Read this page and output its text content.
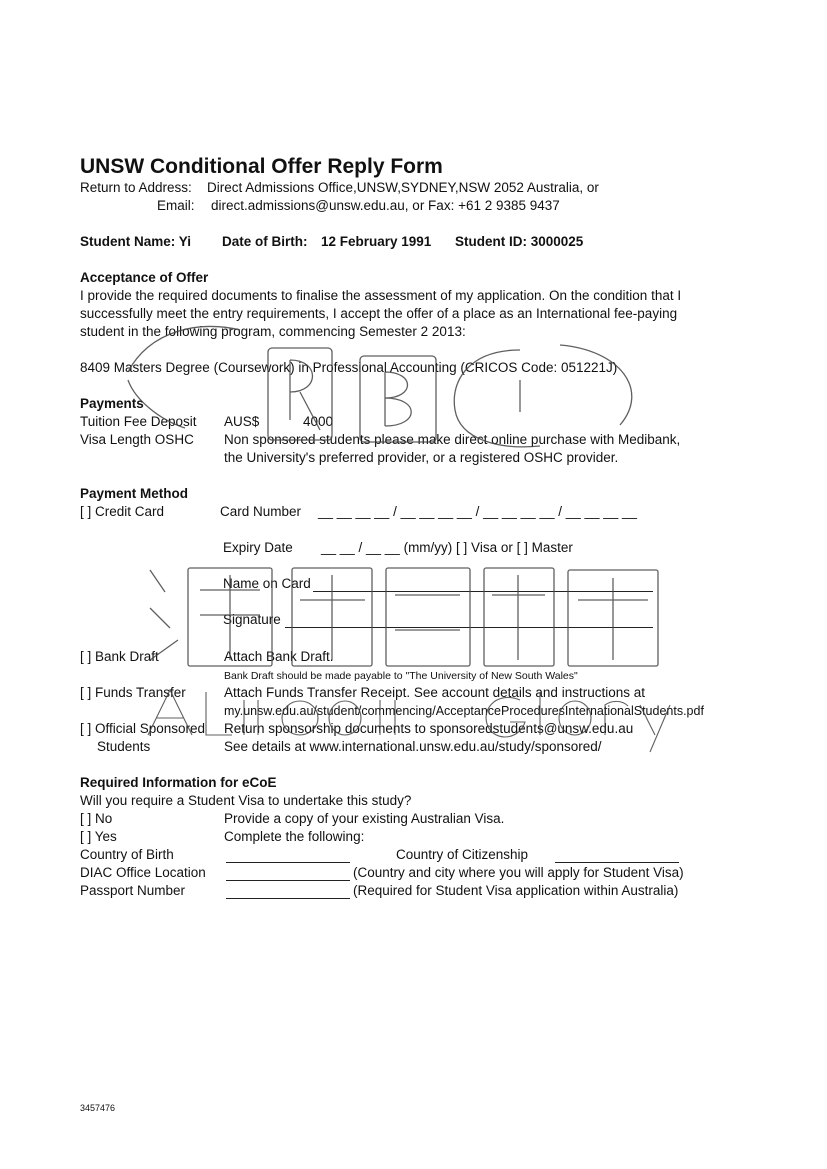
UNSW Conditional Offer Reply Form
Return to Address: Direct Admissions Office,UNSW,SYDNEY,NSW 2052 Australia, or
Email: direct.admissions@unsw.edu.au, or Fax: +61 2 9385 9437
Student Name: Yi Date of Birth: 12 February 1991 Student ID: 3000025
Acceptance of Offer
I provide the required documents to finalise the assessment of my application. On the condition that I
successfully meet the entry requirements, I accept the offer of a place as an International fee-paying
student in the following program, commencing Semester 2 2013:
8409 Masters Degree (Coursework) in Professional Accounting (CRICOS Code: 051221J)
Payments
Tuition Fee Deposit AUS$	4000
Visa Length OSHC Non sponsored students please make direct online purchase with Medibank,
the University's preferred provider, or a registered OSHC provider.
Payment Method
[ ] Credit Card	Card Number __ __ __ __ / __ __ __ __ / __ __ __ __ / __ __ __ __
Expiry Date __ __ / __ __ (mm/yy) [ ] Visa or [ ] Master
Name on Card
Signature
[ ] Bank Draft	Attach Bank Draft.
Bank Draft should be made payable to "The University of New South Wales"
[ ] Funds Transfer	Attach Funds Transfer Receipt. See account details and instructions at
my.unsw.edu.au/student/commencing/AcceptanceProceduresInternationalStudents.pdf
[ ] Official Sponsored
Students
Return sponsorship documents to sponsoredstudents@unsw.edu.au
See details at www.international.unsw.edu.au/study/sponsored/
Required Information for eCoE
Will you require a Student Visa to undertake this study?
[ ] No	Provide a copy of your existing Australian Visa.
[ ] Yes	Complete the following:
Country of Birth	Country of Citizenship
DIAC Office Location	(Country and city where you will apply for Student Visa)
Passport Number	(Required for Student Visa application within Australia)
3457476
